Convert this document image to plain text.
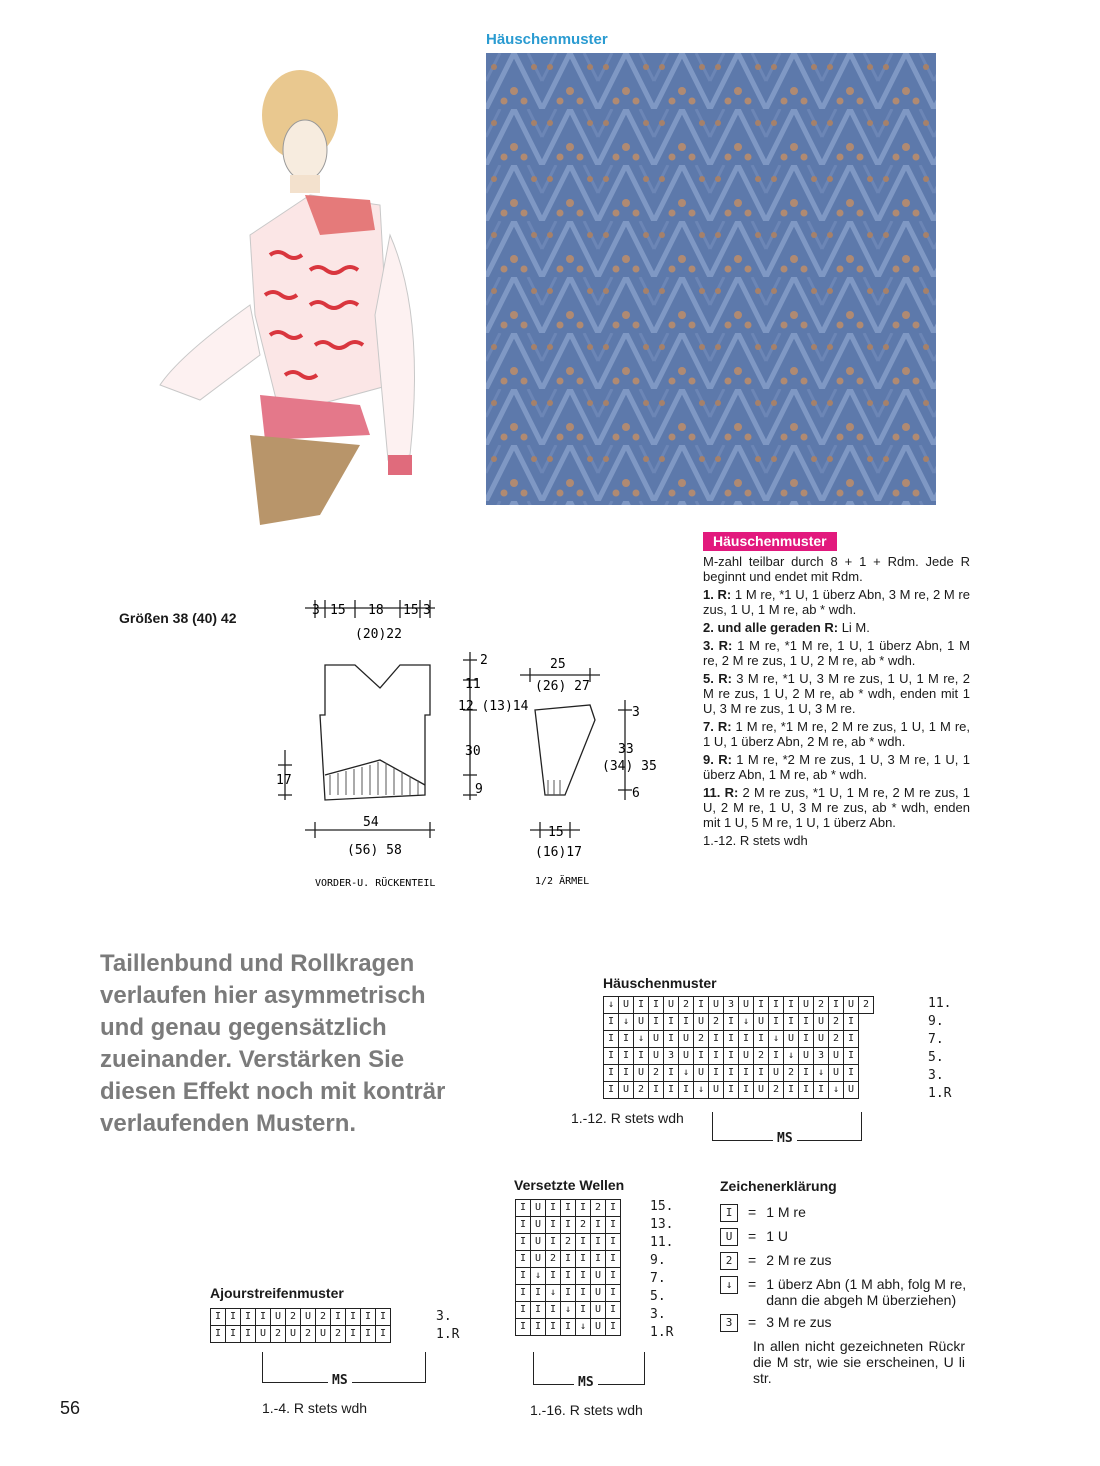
Häuschenmuster
Größen 38 (40) 42	3 15 18 15 3
(20)22
2
11
12 (13)14
30
9
17
54
(56) 58
VORDER-U. RÜCKENTEIL
25
(26) 27
3
33
(34) 35
6
15
(16)17
1/2 ÄRMEL
Häuschenmuster

M-zahl teilbar durch 8 + 1 + Rdm. Jede R beginnt und endet mit Rdm.

1. R: 1 M re, *1 U, 1 überz Abn, 3 M re, 2 M re zus, 1 U, 1 M re, ab * wdh.

2. und alle geraden R: Li M.

3. R: 1 M re, *1 M re, 1 U, 1 überz Abn, 1 M re, 2 M re zus, 1 U, 2 M re, ab * wdh.

5. R: 3 M re, *1 U, 3 M re zus, 1 U, 1 M re, 2 M re zus, 1 U, 2 M re, ab * wdh, enden mit 1 U, 3 M re zus, 1 U, 3 M re.

7. R: 1 M re, *1 M re, 2 M re zus, 1 U, 1 M re, 1 U, 1 überz Abn, 2 M re, ab * wdh.

9. R: 1 M re, *2 M re zus, 1 U, 3 M re, 1 U, 1 überz Abn, 1 M re, ab * wdh.

11. R: 2 M re zus, *1 U, 1 M re, 2 M re zus, 1 U, 2 M re, 1 U, 3 M re zus, ab * wdh, enden mit 1 U, 5 M re, 1 U, 1 überz Abn.

1.-12. R stets wdh

Taillenbund und Rollkragen verlaufen hier asymmetrisch und genau gegensätzlich zueinander. Verstärken Sie diesen Effekt noch mit konträr verlaufenden Mustern.
Häuschenmuster
↓	U	I	I	U	2	I	U	3	U	I	I	I	U	2	I	U	2
I	↓	U	I	I	I	U	2	I	↓	U	I	I	I	U	2	I	
I	I	↓	U	I	U	2	I	I	I	I	↓	U	I	U	2	I	
I	I	I	U	3	U	I	I	I	U	2	I	↓	U	3	U	I	
I	I	U	2	I	↓	U	I	I	I	I	U	2	I	↓	U	I	
I	U	2	I	I	I	↓	U	I	I	U	2	I	I	I	↓	U	
11.
9.
7.
5.
3.
1.R
1.-12. R stets wdh
MS
Versetzte Wellen
I	U	I	I	I	2	I
I	U	I	I	2	I	I
I	U	I	2	I	I	I
I	U	2	I	I	I	I
I	↓	I	I	I	U	I
I	I	↓	I	I	U	I
I	I	I	↓	I	U	I
I	I	I	I	↓	U	I
15.
13.
11.
9.
7.
5.
3.
1.R
MS
1.-16. R stets wdh
Ajourstreifenmuster
I	I	I	I	U	2	U	2	I	I	I	I
I	I	I	U	2	U	2	U	2	I	I	I
3.
1.R
MS
1.-4. R stets wdh
Zeichenerklärung
I	= 1 M re
U	= 1 U
2	= 2 M re zus
↓	= 1 überz Abn (1 M abh, folg M re, dann die abgeh M überziehen)
3	= 3 M re zus
In allen nicht gezeichneten Rückr die M str, wie sie erscheinen, U li str.
56
